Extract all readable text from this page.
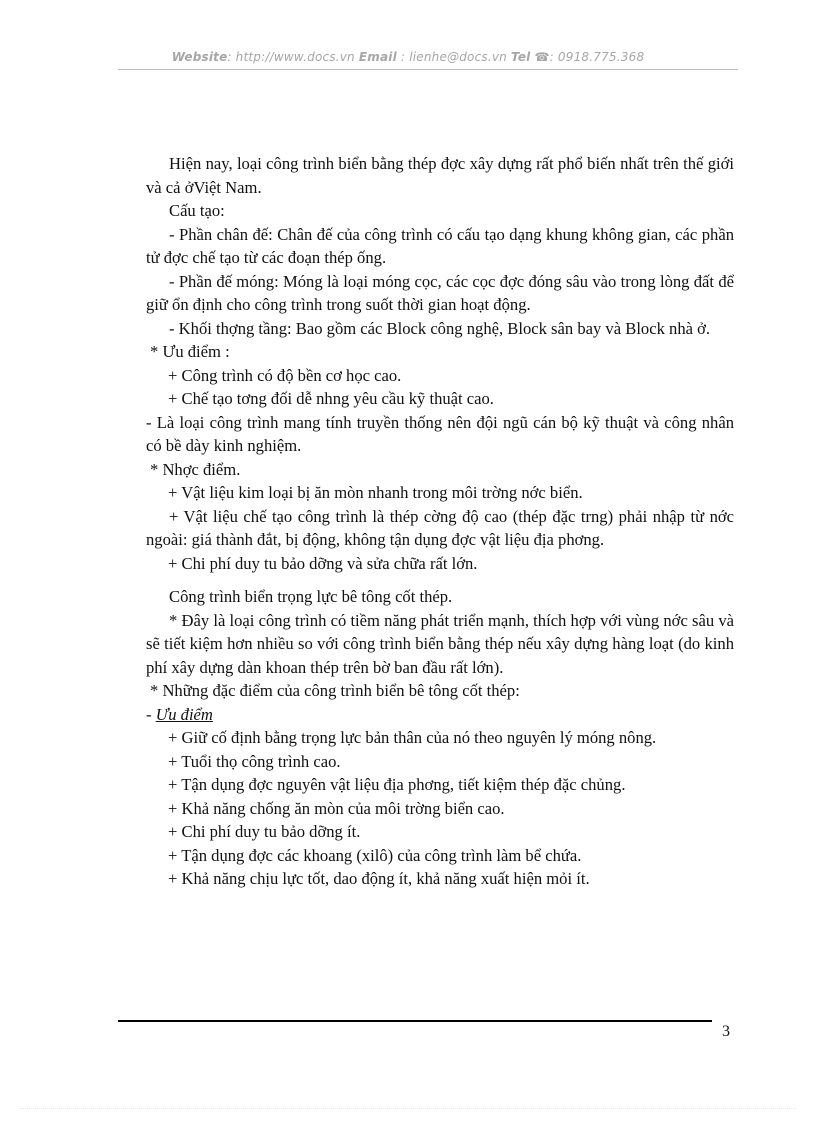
Website: http://www.docs.vn Email : lienhe@docs.vn Tel ☎: 0918.775.368

Hiện nay, loại công trình biển bằng thép đợc xây dựng rất phổ biến nhất trên thế giới và cả ởViệt Nam.

Cấu tạo:

- Phần chân đế: Chân đế của công trình có cấu tạo dạng khung không gian, các phần tử đợc chế tạo từ các đoạn thép ống.

- Phần đế móng: Móng là loại móng cọc, các cọc đợc đóng sâu vào trong lòng đất để giữ ổn định cho công trình trong suốt thời gian hoạt động.

- Khối thợng tầng: Bao gồm các Block công nghệ, Block sân bay và Block nhà ở.

* Ưu điểm :

+ Công trình có độ bền cơ học cao.

+ Chế tạo tơng đối dễ nhng yêu cầu kỹ thuật cao.

- Là loại công trình mang tính truyền thống nên đội ngũ cán bộ kỹ thuật và công nhân có bề dày kinh nghiệm.

* Nhợc điểm.

+ Vật liệu kim loại bị ăn mòn nhanh trong môi trờng nớc biển.

+ Vật liệu chế tạo công trình là thép cờng độ cao (thép đặc trng) phải nhập từ nớc ngoài: giá thành đắt, bị động, không tận dụng đợc vật liệu địa phơng.

+ Chi phí duy tu bảo dỡng và sửa chữa rất lớn.

Công trình biển trọng lực bê tông cốt thép.

* Đây là loại công trình có tiềm năng phát triển mạnh, thích hợp với vùng nớc sâu và sẽ tiết kiệm hơn nhiều so với công trình biển bằng thép nếu xây dựng hàng loạt (do kinh phí xây dựng dàn khoan thép trên bờ ban đầu rất lớn).

* Những đặc điểm của công trình biển bê tông cốt thép:

- Ưu điểm

+ Giữ cố định bằng trọng lực bản thân của nó theo nguyên lý móng nông.

+ Tuổi thọ công trình cao.

+ Tận dụng đợc nguyên vật liệu địa phơng, tiết kiệm thép đặc chủng.

+ Khả năng chống ăn mòn của môi trờng biển cao.

+ Chi phí duy tu bảo dỡng ít.

+ Tận dụng đợc các khoang (xilô) của công trình làm bể chứa.

+ Khả năng chịu lực tốt, dao động ít, khả năng xuất hiện mỏi ít.

3
